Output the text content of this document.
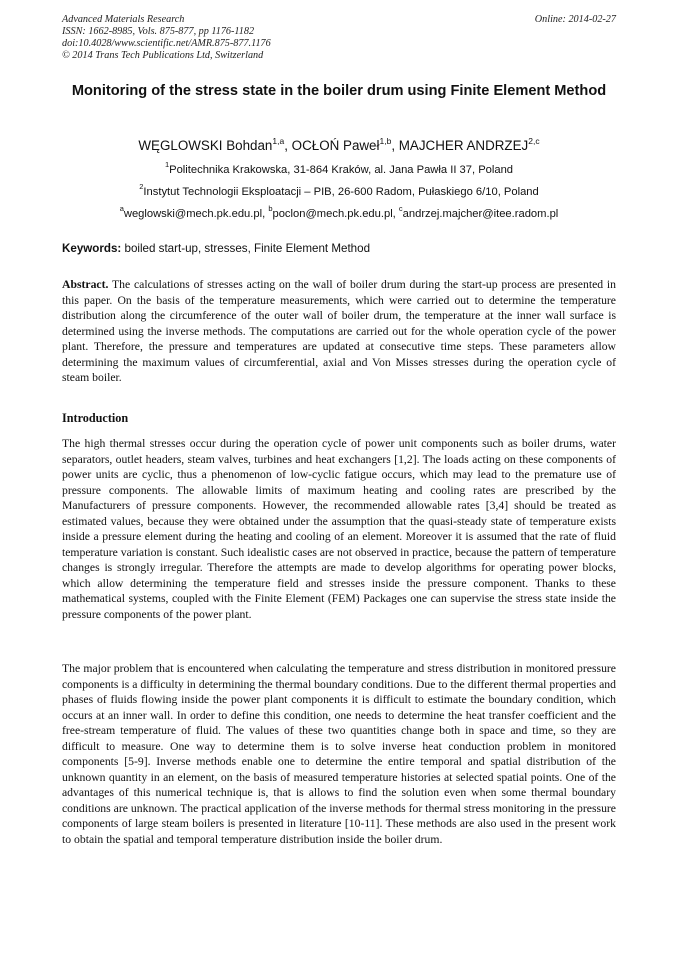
Advanced Materials Research
ISSN: 1662-8985, Vols. 875-877, pp 1176-1182
doi:10.4028/www.scientific.net/AMR.875-877.1176
© 2014 Trans Tech Publications Ltd, Switzerland
Online: 2014-02-27
Monitoring of the stress state in the boiler drum using Finite Element Method
WĘGLOWSKI Bohdan$^{1,a}$, OCŁOŃ Paweł$^{1,b}$, MAJCHER ANDRZEJ$^{2,c}$
$^1$Politechnika Krakowska, 31-864 Kraków, al. Jana Pawła II 37, Poland
$^2$Instytut Technologii Eksploatacji – PIB, 26-600 Radom, Pułaskiego 6/10, Poland
$^a$weglowski@mech.pk.edu.pl, $^b$poclon@mech.pk.edu.pl, $^c$andrzej.majcher@itee.radom.pl
Keywords: boiled start-up, stresses, Finite Element Method
Abstract. The calculations of stresses acting on the wall of boiler drum during the start-up process are presented in this paper. On the basis of the temperature measurements, which were carried out to determine the temperature distribution along the circumference of the outer wall of boiler drum, the temperature at the inner wall surface is determined using the inverse methods. The computations are carried out for the whole operation cycle of the power plant. Therefore, the pressure and temperatures are updated at consecutive time steps. These parameters allow determining the maximum values of circumferential, axial and Von Misses stresses during the operation cycle of steam boiler.
Introduction
The high thermal stresses occur during the operation cycle of power unit components such as boiler drums, water separators, outlet headers, steam valves, turbines and heat exchangers [1,2]. The loads acting on these components of power units are cyclic, thus a phenomenon of low-cyclic fatigue occurs, which may lead to the premature use of pressure components. The allowable limits of maximum heating and cooling rates are prescribed by the Manufacturers of pressure components. However, the recommended allowable rates [3,4] should be treated as estimated values, because they were obtained under the assumption that the quasi-steady state of temperature exists inside a pressure element during the heating and cooling of an element. Moreover it is assumed that the rate of fluid temperature variation is constant. Such idealistic cases are not observed in practice, because the pattern of temperature changes is strongly irregular. Therefore the attempts are made to develop algorithms for operating power blocks, which allow determining the temperature field and stresses inside the pressure component. Thanks to these mathematical systems, coupled with the Finite Element (FEM) Packages one can supervise the stress state inside the pressure components of the power plant.
The major problem that is encountered when calculating the temperature and stress distribution in monitored pressure components is a difficulty in determining the thermal boundary conditions. Due to the different thermal properties and phases of fluids flowing inside the power plant components it is difficult to estimate the boundary condition, which occurs at an inner wall. In order to define this condition, one needs to determine the heat transfer coefficient and the free-stream temperature of fluid. The values of these two quantities change both in space and time, so they are difficult to measure. One way to determine them is to solve inverse heat conduction problem in monitored components [5-9]. Inverse methods enable one to determine the entire temporal and spatial distribution of the unknown quantity in an element, on the basis of measured temperature histories at selected spatial points. One of the advantages of this numerical technique is, that is allows to find the solution even when some thermal boundary conditions are unknown. The practical application of the inverse methods for thermal stress monitoring in the pressure components of large steam boilers is presented in literature [10-11]. These methods are also used in the present work to obtain the spatial and temporal temperature distribution inside the boiler drum.
